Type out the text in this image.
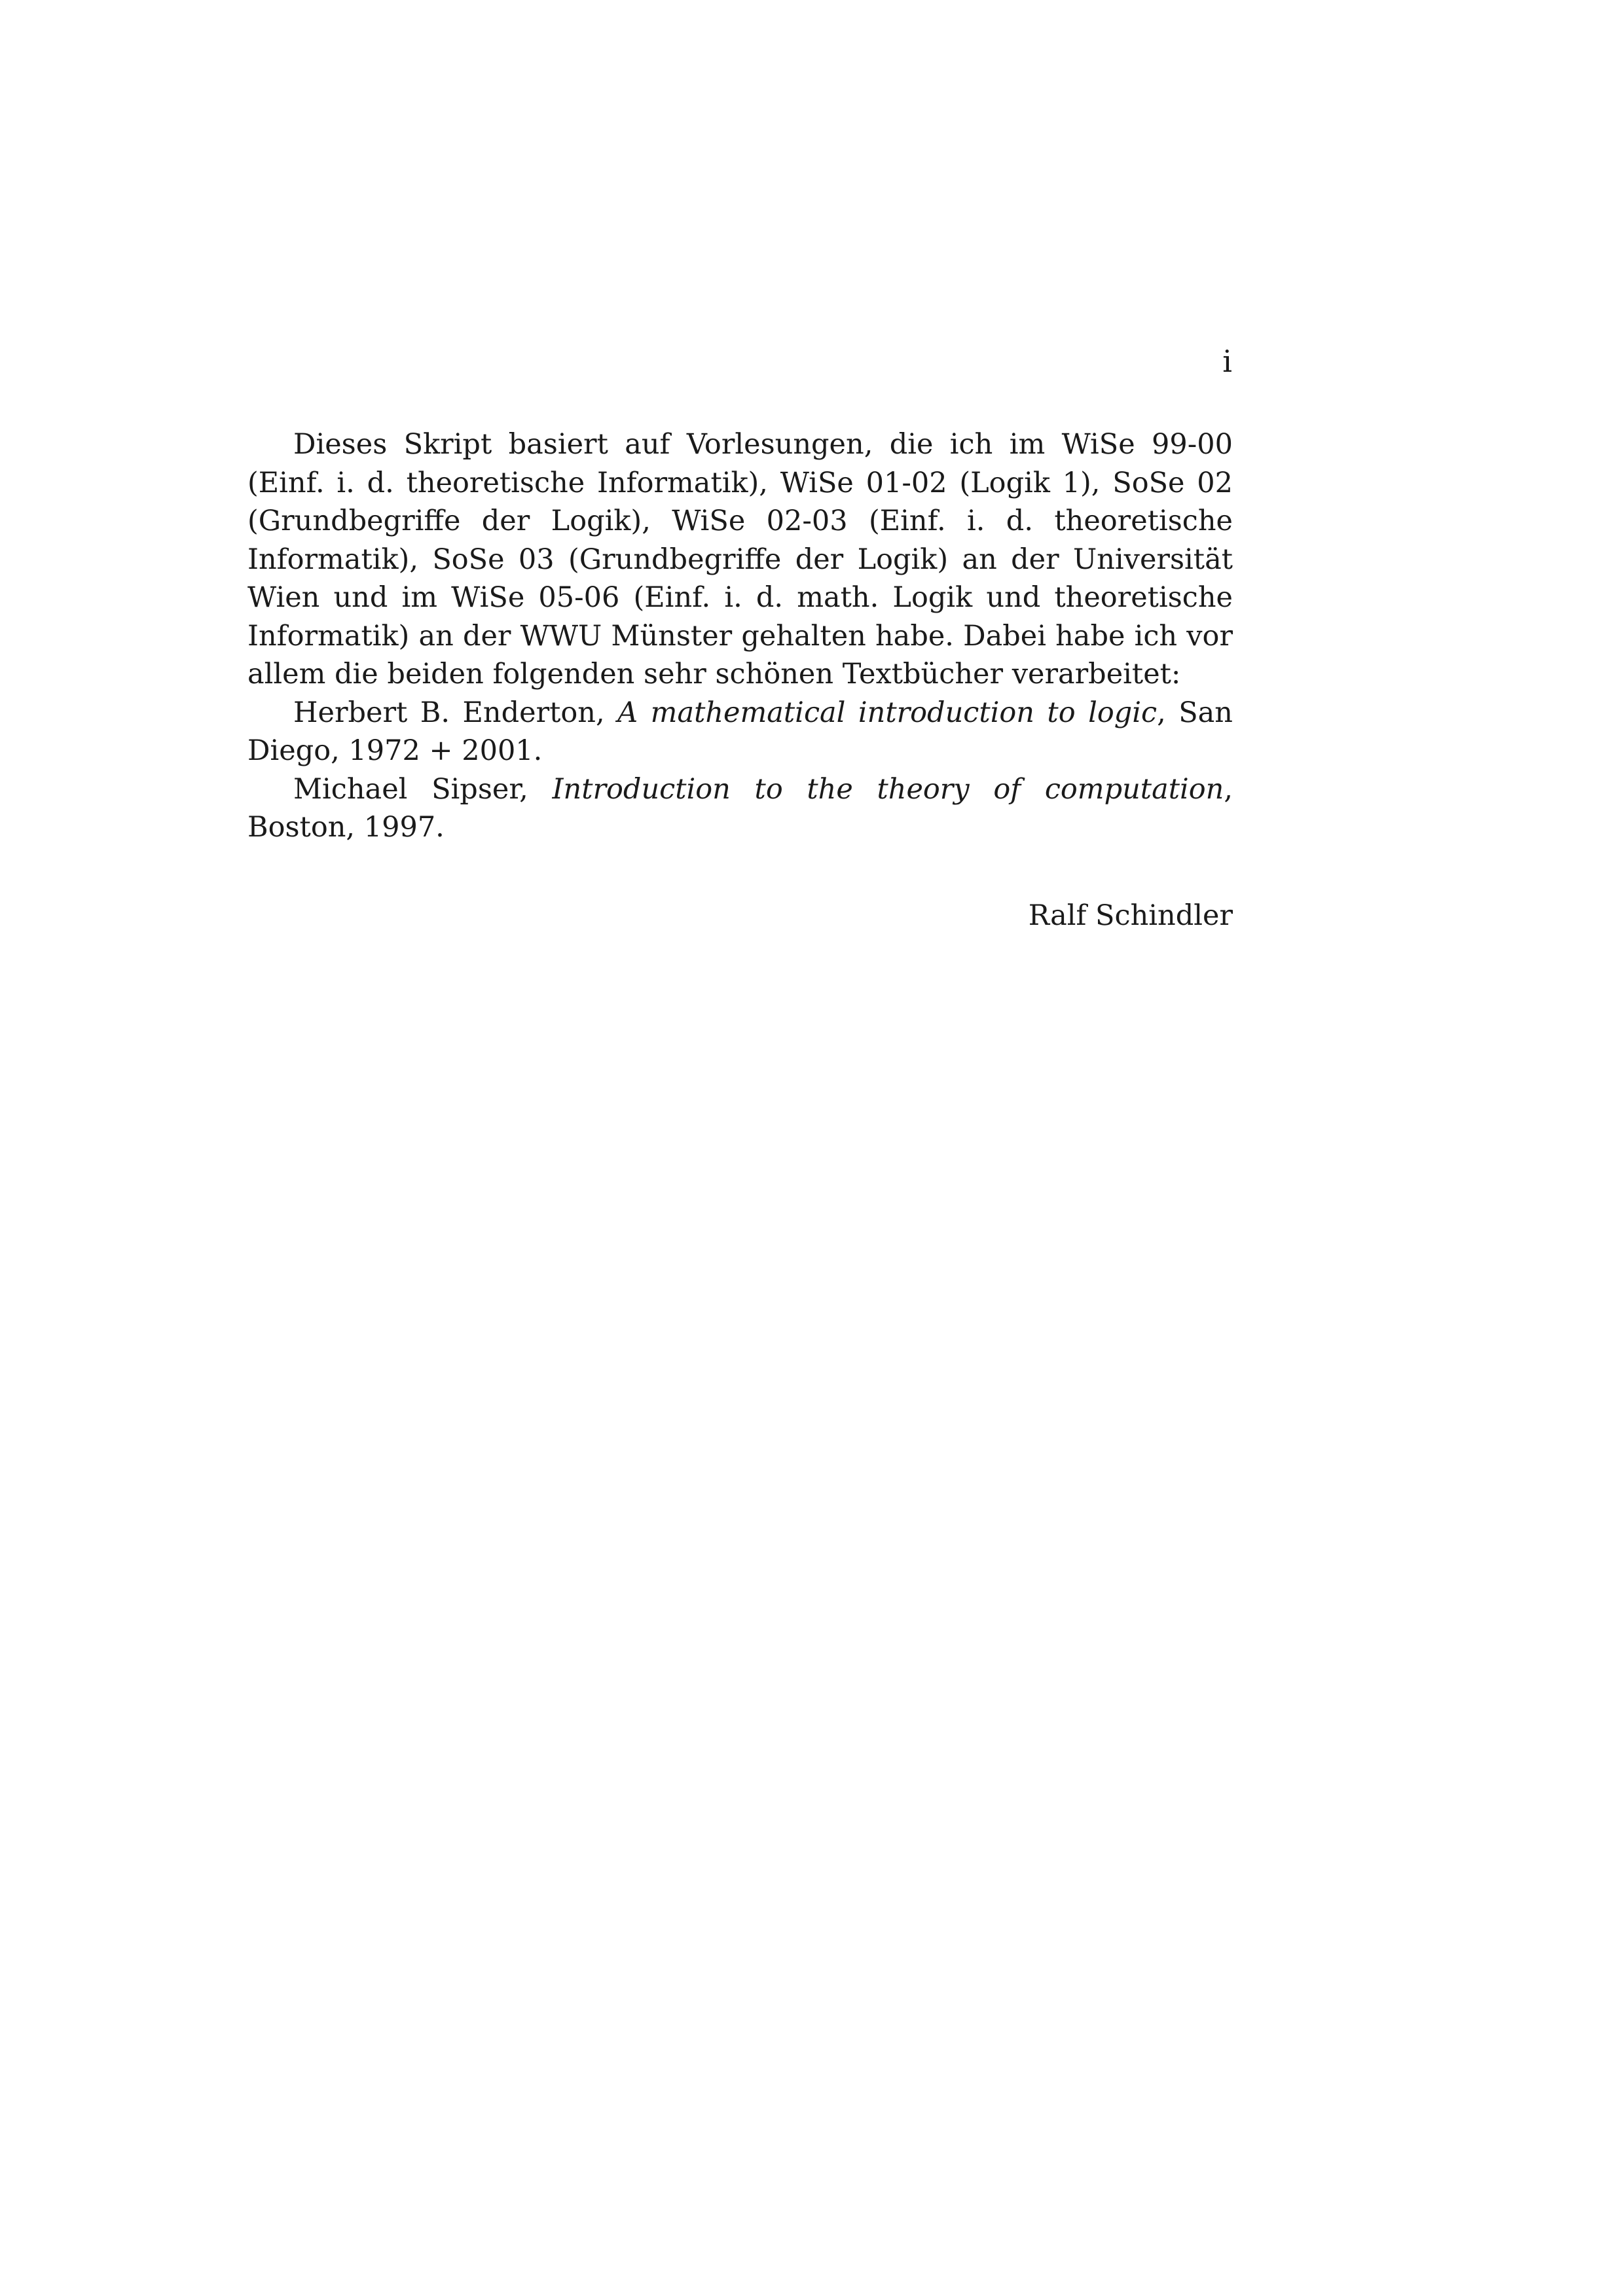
i

Dieses Skript basiert auf Vorlesungen, die ich im WiSe 99-00 (Einf. i. d. theoretische Informatik), WiSe 01-02 (Logik 1), SoSe 02 (Grundbegriffe der Logik), WiSe 02-03 (Einf. i. d. theoretische Informatik), SoSe 03 (Grundbegriffe der Logik) an der Universität Wien und im WiSe 05-06 (Einf. i. d. math. Logik und theoretische Informatik) an der WWU Münster gehalten habe. Dabei habe ich vor allem die beiden folgenden sehr schönen Textbücher verarbeitet:

Herbert B. Enderton, A mathematical introduction to logic, San Diego, 1972 + 2001.

Michael Sipser, Introduction to the theory of computation, Boston, 1997.

Ralf Schindler
